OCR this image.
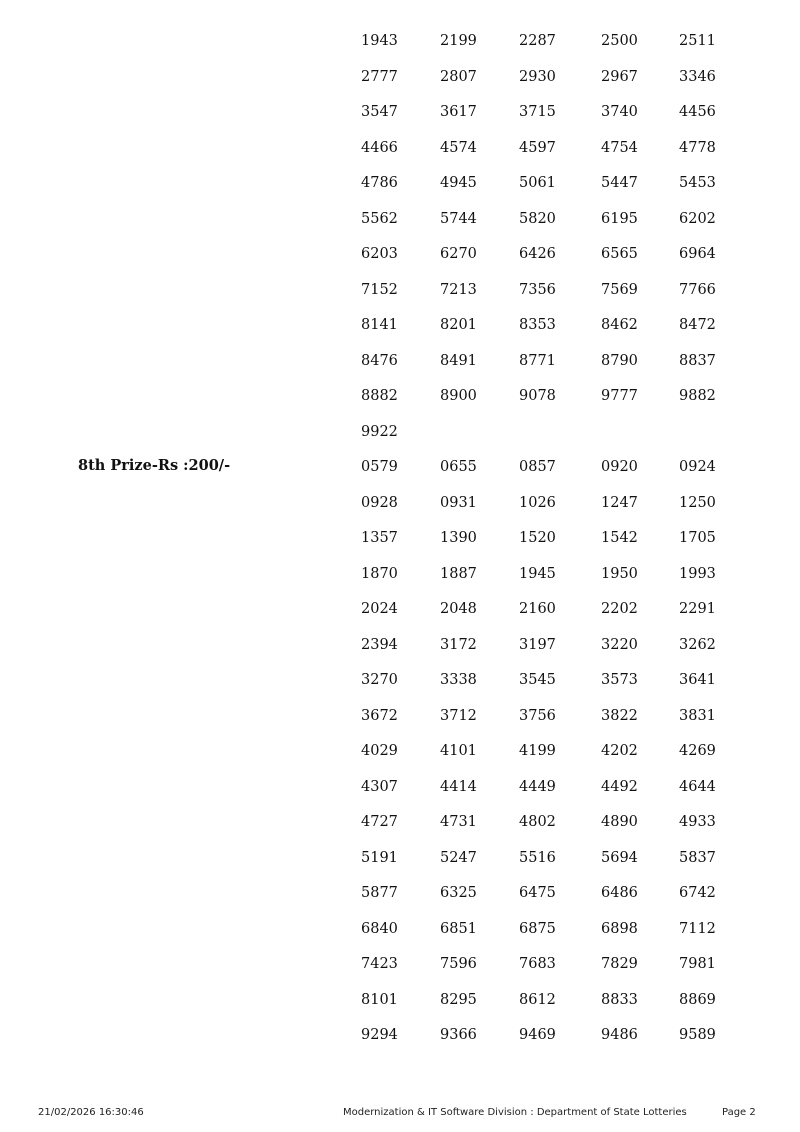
8th Prize-Rs :200/-
1943	2199	2287	2500	2511
2777	2807	2930	2967	3346
3547	3617	3715	3740	4456
4466	4574	4597	4754	4778
4786	4945	5061	5447	5453
5562	5744	5820	6195	6202
6203	6270	6426	6565	6964
7152	7213	7356	7569	7766
8141	8201	8353	8462	8472
8476	8491	8771	8790	8837
8882	8900	9078	9777	9882
9922
0579	0655	0857	0920	0924
0928	0931	1026	1247	1250
1357	1390	1520	1542	1705
1870	1887	1945	1950	1993
2024	2048	2160	2202	2291
2394	3172	3197	3220	3262
3270	3338	3545	3573	3641
3672	3712	3756	3822	3831
4029	4101	4199	4202	4269
4307	4414	4449	4492	4644
4727	4731	4802	4890	4933
5191	5247	5516	5694	5837
5877	6325	6475	6486	6742
6840	6851	6875	6898	7112
7423	7596	7683	7829	7981
8101	8295	8612	8833	8869
9294	9366	9469	9486	9589
21/02/2026 16:30:46	Modernization & IT Software Division : Department of State Lotteries	Page 2
